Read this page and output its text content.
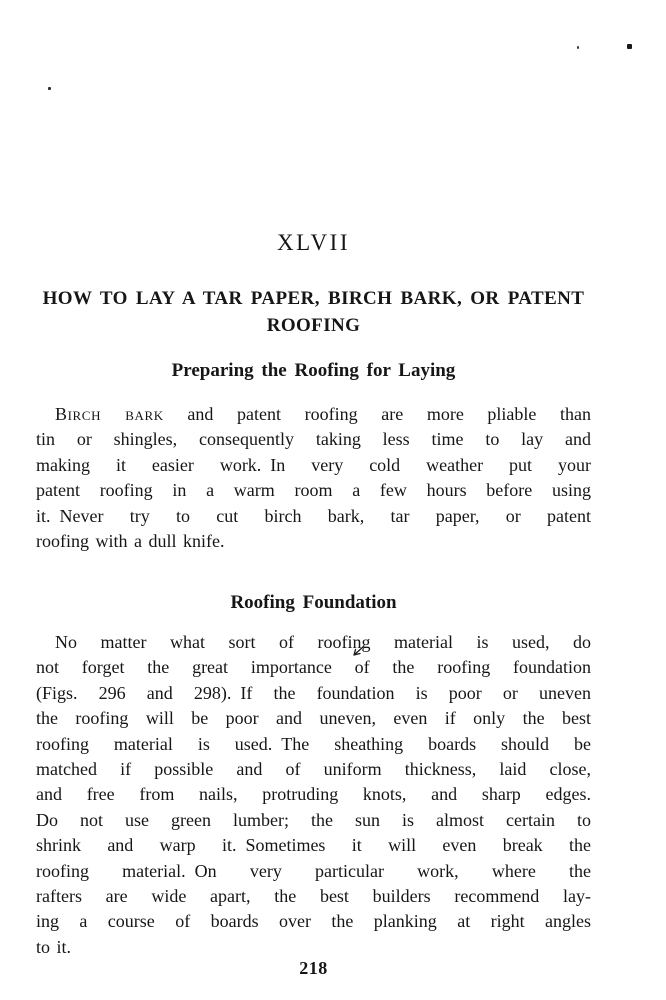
XLVII
HOW TO LAY A TAR PAPER, BIRCH BARK, OR PATENT
ROOFING
Preparing the Roofing for Laying
Birch bark and patent roofing are more pliable than
tin or shingles, consequently taking less time to lay and
making it easier work. In very cold weather put your
patent roofing in a warm room a few hours before using
it. Never try to cut birch bark, tar paper, or patent
roofing with a dull knife.
Roofing Foundation
No matter what sort of roofing material is used, do
not forget the great importance of the roofing foundation
(Figs. 296 and 298). If the foundation is poor or uneven
the roofing will be poor and uneven, even if only the best
roofing material is used. The sheathing boards should be
matched if possible and of uniform thickness, laid close,
and free from nails, protruding knots, and sharp edges.
Do not use green lumber; the sun is almost certain to
shrink and warp it. Sometimes it will even break the
roofing material. On very particular work, where the
rafters are wide apart, the best builders recommend lay-
ing a course of boards over the planking at right angles
to it.
218
